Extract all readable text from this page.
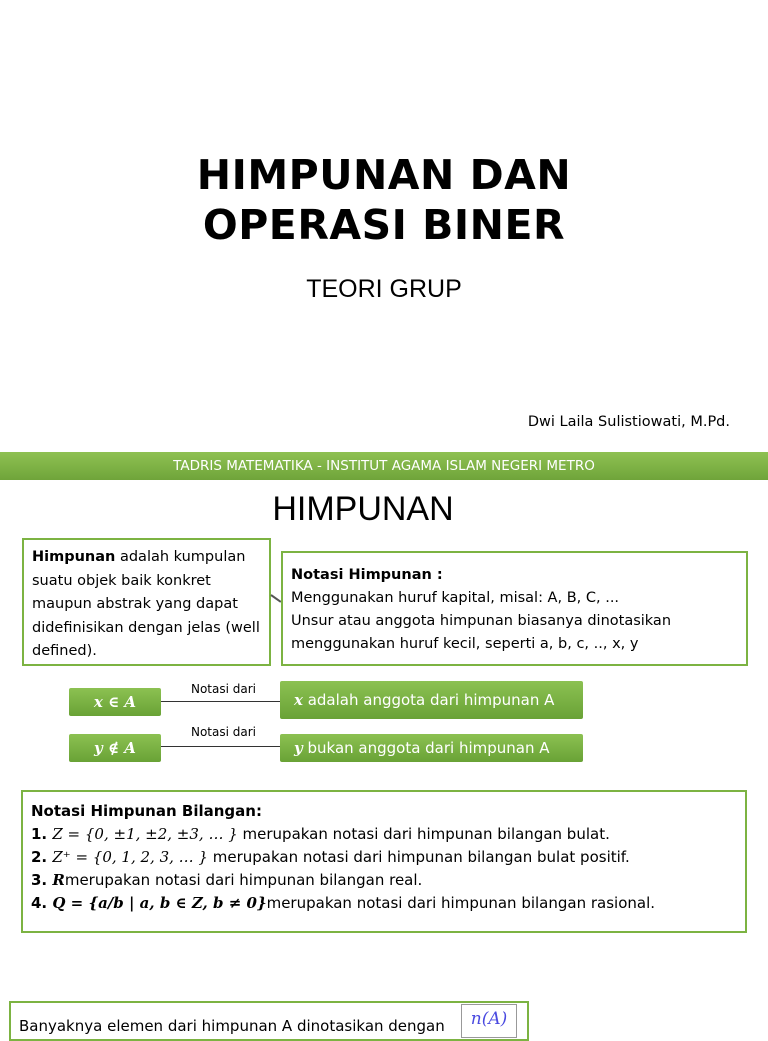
HIMPUNAN DAN
OPERASI BINER
TEORI GRUP
Dwi Laila Sulistiowati, M.Pd.
TADRIS MATEMATIKA - INSTITUT AGAMA ISLAM NEGERI METRO
HIMPUNAN
Himpunan adalah kumpulan suatu objek baik konkret maupun abstrak yang dapat didefinisikan dengan jelas (well defined).
Notasi Himpunan :
Menggunakan huruf kapital, misal: A, B, C, ...
Unsur atau anggota himpunan biasanya dinotasikan menggunakan huruf kecil, seperti a, b, c, .., x, y
x ∈ A
Notasi dari
x adalah anggota dari himpunan A
y ∉ A
Notasi dari
y bukan anggota dari himpunan A
Notasi Himpunan Bilangan:
1. Z = {0, ±1, ±2, ±3, … } merupakan notasi dari himpunan bilangan bulat.
2. Z⁺ = {0, 1, 2, 3, … } merupakan notasi dari himpunan bilangan bulat positif.
3. Rmerupakan notasi dari himpunan bilangan real.
4. Q = {a/b | a, b ∈ Z, b ≠ 0}merupakan notasi dari himpunan bilangan rasional.
Banyaknya elemen dari himpunan A dinotasikan dengan	n(A)
